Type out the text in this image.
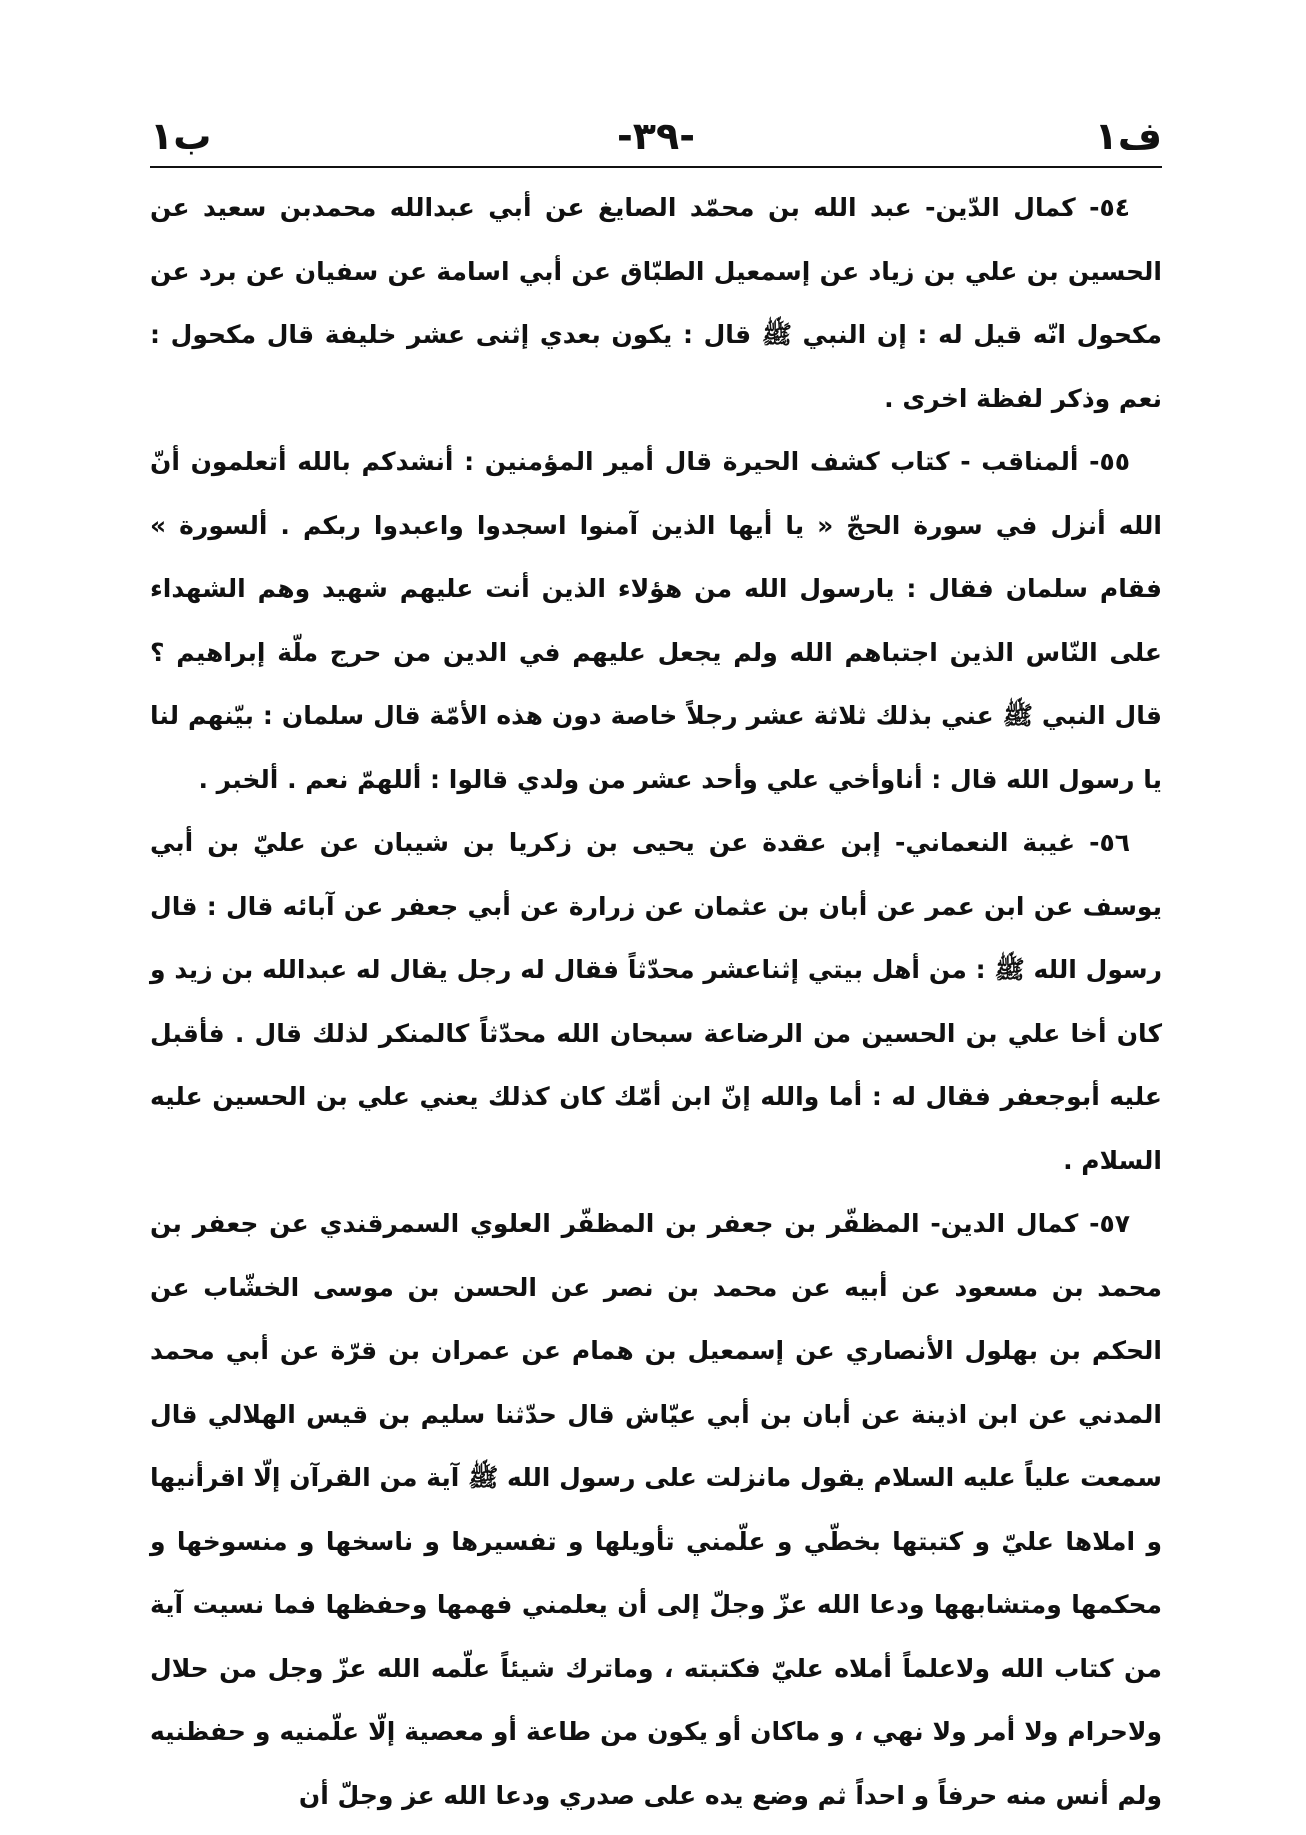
ف١
-٣٩-
ب١

٥٤- كمال الدّين- عبد الله بن محمّد الصايغ عن أبي عبدالله محمدبن سعيد عن الحسين بن علي بن زياد عن إسمعيل الطبّاق عن أبي اسامة عن سفيان عن برد عن مكحول انّه قيل له : إن النبي ﷺ قال : يكون بعدي إثنى عشر خليفة قال مكحول : نعم وذكر لفظة اخرى .

٥٥- ألمناقب - كتاب كشف الحيرة قال أمير المؤمنين : أنشدكم بالله أتعلمون أنّ الله أنزل في سورة الحجّ « يا أيها الذين آمنوا اسجدوا واعبدوا ربكم . ألسورة » فقام سلمان فقال : يارسول الله من هؤلاء الذين أنت عليهم شهيد وهم الشهداء على النّاس الذين اجتباهم الله ولم يجعل عليهم في الدين من حرج ملّة إبراهيم ؟ قال النبي ﷺ عني بذلك ثلاثة عشر رجلاً خاصة دون هذه الأمّة قال سلمان : بيّنهم لنا يا رسول الله قال : أناوأخي علي وأحد عشر من ولدي قالوا : أللهمّ نعم . ألخبر .

٥٦- غيبة النعماني- إبن عقدة عن يحيى بن زكريا بن شيبان عن عليّ بن أبي يوسف عن ابن عمر عن أبان بن عثمان عن زرارة عن أبي جعفر عن آبائه قال : قال رسول الله ﷺ : من أهل بيتي إثناعشر محدّثاً فقال له رجل يقال له عبدالله بن زيد و كان أخا علي بن الحسين من الرضاعة سبحان الله محدّثاً كالمنكر لذلك قال . فأقبل عليه أبوجعفر فقال له : أما والله إنّ ابن أمّك كان كذلك يعني علي بن الحسين عليه السلام .

٥٧- كمال الدين- المظفّر بن جعفر بن المظفّر العلوي السمرقندي عن جعفر بن محمد بن مسعود عن أبيه عن محمد بن نصر عن الحسن بن موسى الخشّاب عن الحكم بن بهلول الأنصاري عن إسمعيل بن همام عن عمران بن قرّة عن أبي محمد المدني عن ابن اذينة عن أبان بن أبي عيّاش قال حدّثنا سليم بن قيس الهلالي قال سمعت علياً عليه السلام يقول مانزلت على رسول الله ﷺ آية من القرآن إلّا اقرأنيها و املاها عليّ و كتبتها بخطّي و علّمني تأويلها و تفسيرها و ناسخها و منسوخها و محكمها ومتشابهها ودعا الله عزّ وجلّ إلى أن يعلمني فهمها وحفظها فما نسيت آية من كتاب الله ولاعلماً أملاه عليّ فكتبته ، وماترك شيئاً علّمه الله عزّ وجل من حلال ولاحرام ولا أمر ولا نهي ، و ماكان أو يكون من طاعة أو معصية إلّا علّمنيه و حفظنيه ولم أنس منه حرفاً و احداً ثم وضع يده على صدري ودعا الله عز وجلّ أن
